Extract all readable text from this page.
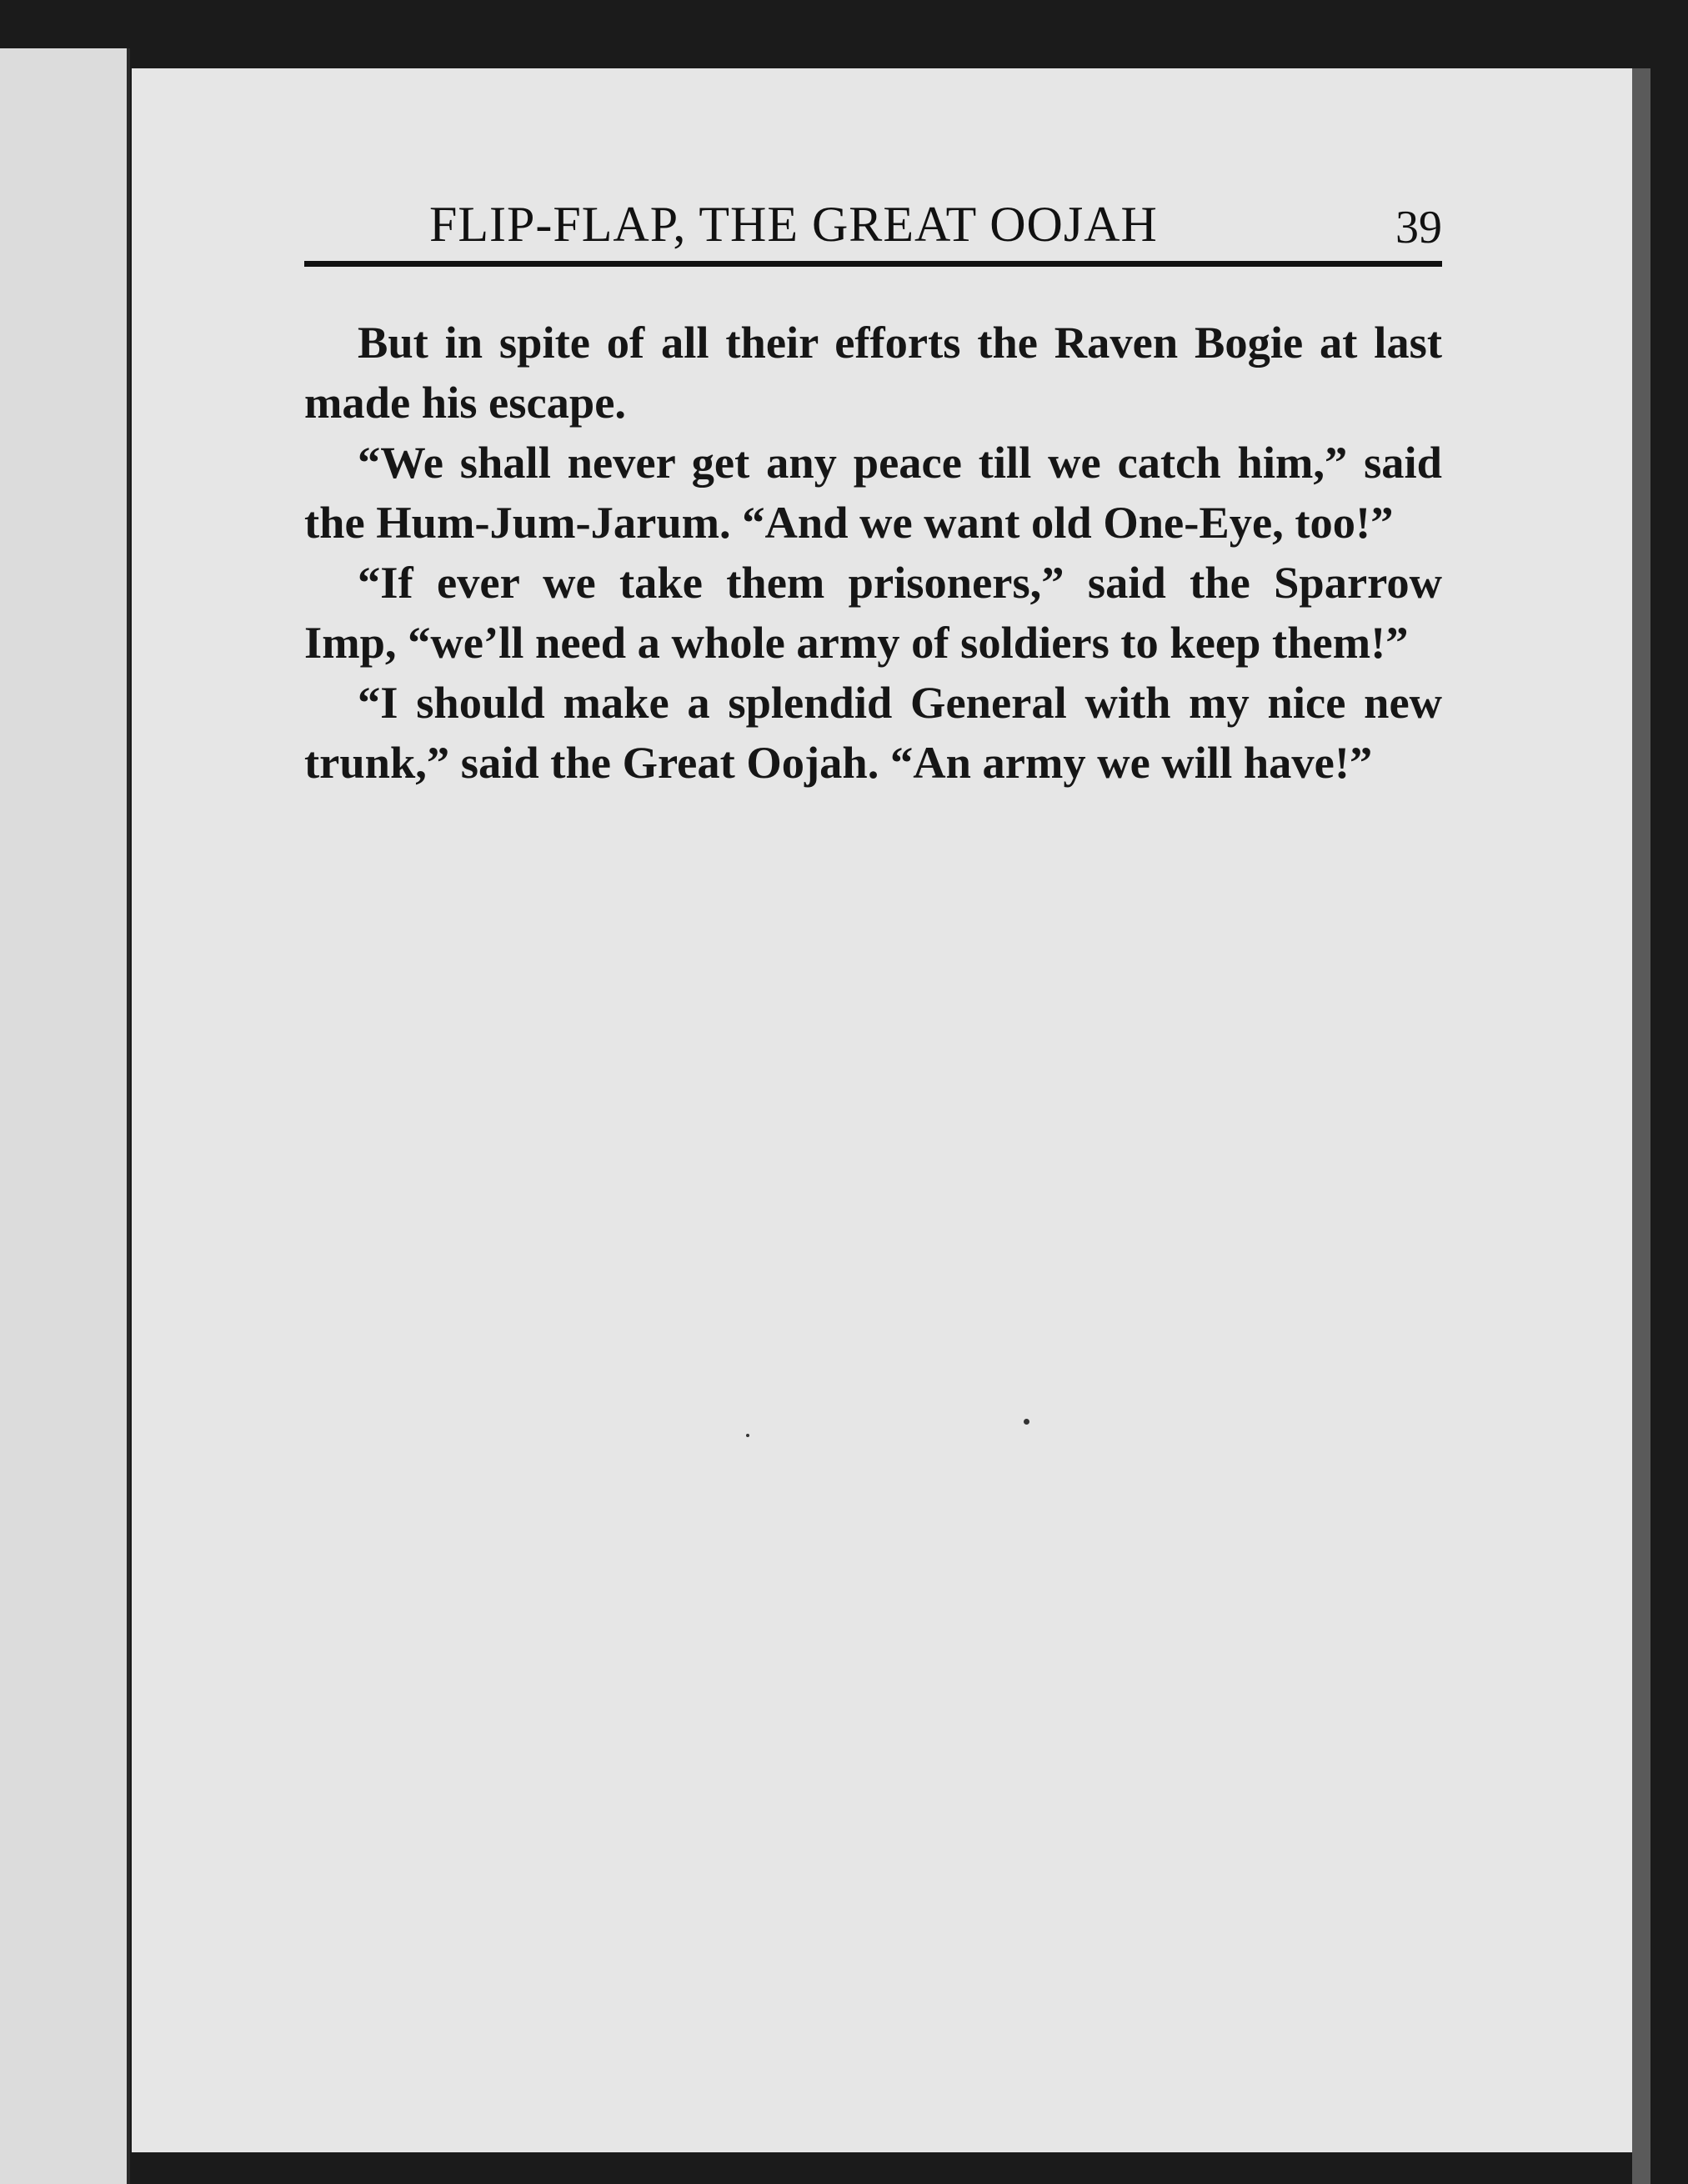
FLIP-FLAP, THE GREAT OOJAH	39

But in spite of all their efforts the Raven Bogie at last made his escape.

“We shall never get any peace till we catch him,” said the Hum-Jum-Jarum. “And we want old One-Eye, too!”

“If ever we take them prisoners,” said the Sparrow Imp, “we’ll need a whole army of soldiers to keep them!”

“I should make a splendid General with my nice new trunk,” said the Great Oojah. “An army we will have!”
